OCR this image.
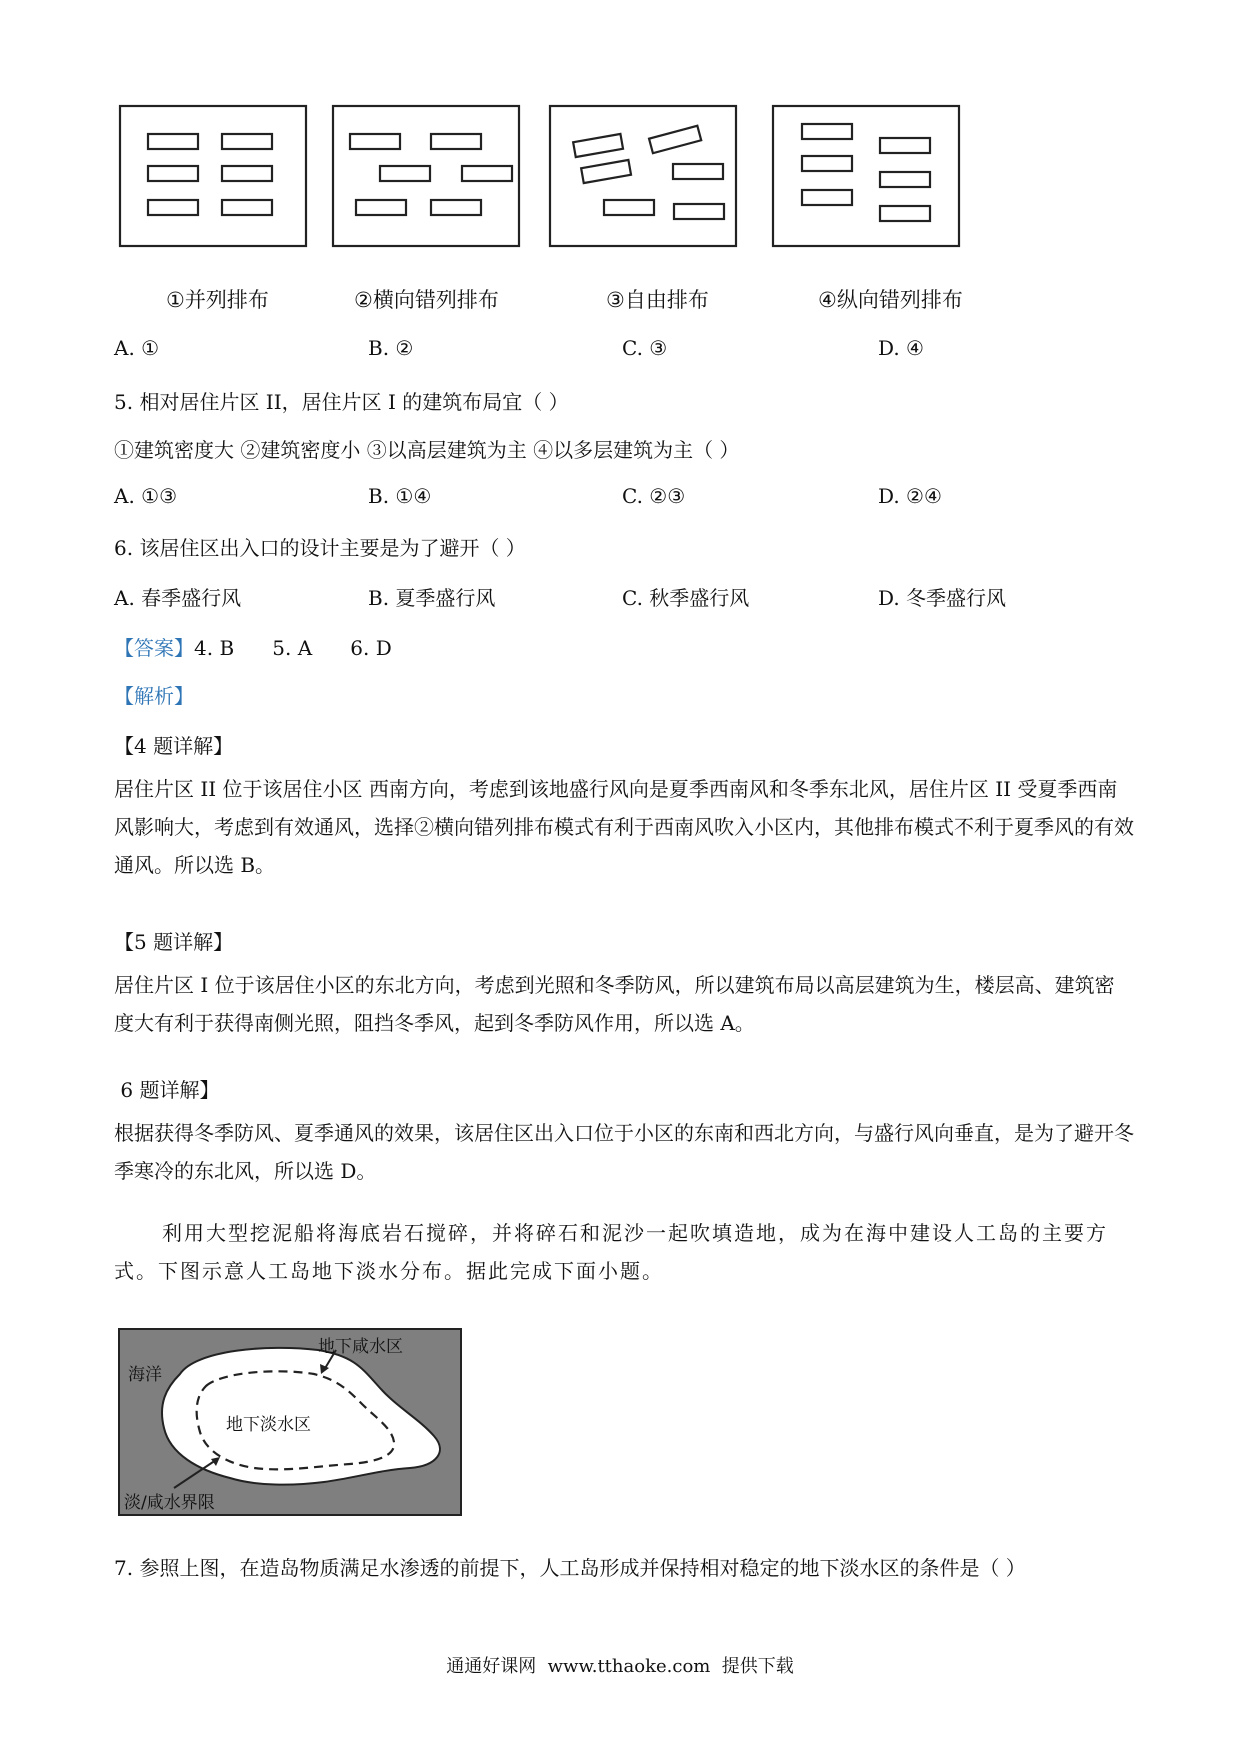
①并列排布	②横向错列排布	③自由排布	④纵向错列排布
A. ①	B. ②	C. ③	D. ④
5. 相对居住片区 II，居住片区 I 的建筑布局宜（ ）
①建筑密度大 ②建筑密度小 ③以高层建筑为主 ④以多层建筑为主（ ）
A. ①③	B. ①④	C. ②③	D. ②④
6. 该居住区出入口的设计主要是为了避开（ ）
A. 春季盛行风	B. 夏季盛行风	C. 秋季盛行风	D. 冬季盛行风
【答案】4. B      5. A      6. D
【解析】
【4 题详解】
居住片区 II 位于该居住小区 西南方向，考虑到该地盛行风向是夏季西南风和冬季东北风，居住片区 II 受夏季西南风影响大，考虑到有效通风，选择②横向错列排布模式有利于西南风吹入小区内，其他排布模式不利于夏季风的有效通风。所以选 B。
【5 题详解】
居住片区 I 位于该居住小区的东北方向，考虑到光照和冬季防风，所以建筑布局以高层建筑为生，楼层高、建筑密度大有利于获得南侧光照，阻挡冬季风，起到冬季防风作用，所以选 A。
6 题详解】
根据获得冬季防风、夏季通风的效果，该居住区出入口位于小区的东南和西北方向，与盛行风向垂直，是为了避开冬季寒冷的东北风，所以选 D。
利用大型挖泥船将海底岩石搅碎，并将碎石和泥沙一起吹填造地，成为在海中建设人工岛的主要方式。下图示意人工岛地下淡水分布。据此完成下面小题。
海洋
地下咸水区
地下淡水区
淡/咸水界限
7. 参照上图，在造岛物质满足水渗透的前提下，人工岛形成并保持相对稳定的地下淡水区的条件是（ ）
通通好课网  www.tthaoke.com  提供下载
